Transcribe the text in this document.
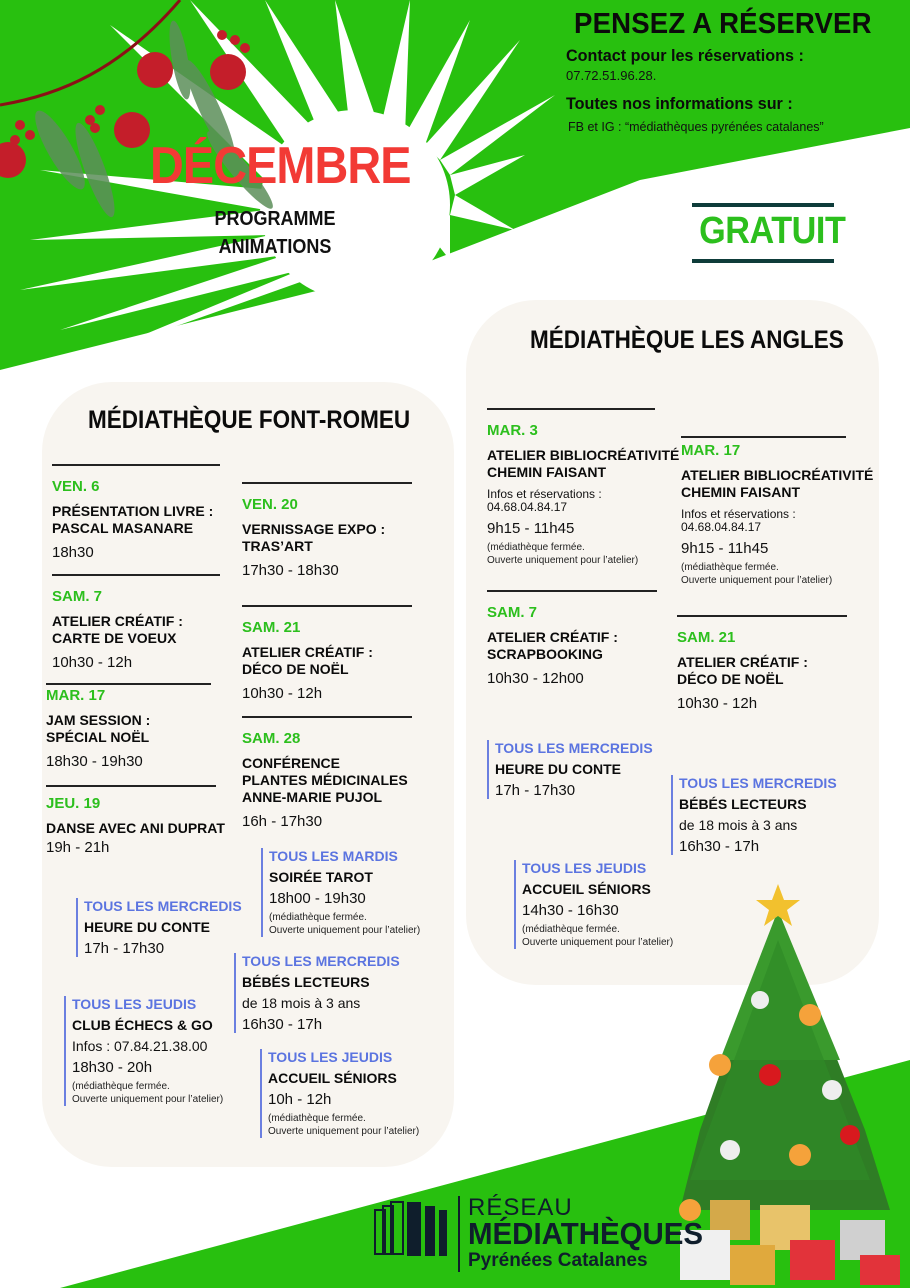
PENSEZ A RÉSERVER
Contact pour les réservations :
07.72.51.96.28.
Toutes nos informations sur :
FB et IG : “médiathèques pyrénées catalanes”
DÉCEMBRE
PROGRAMME
ANIMATIONS	GRATUIT
MÉDIATHÈQUE FONT-ROMEU
VEN. 6
PRÉSENTATION LIVRE :
PASCAL MASANARE
18h30
SAM. 7
ATELIER CRÉATIF :
CARTE DE VOEUX
10h30 - 12h
MAR. 17
JAM SESSION :
SPÉCIAL NOËL
18h30 - 19h30
JEU. 19
DANSE AVEC ANI DUPRAT
19h - 21h
VEN. 20
VERNISSAGE EXPO :
TRAS’ART
17h30 - 18h30
SAM. 21
ATELIER CRÉATIF :
DÉCO DE NOËL
10h30 - 12h
SAM. 28
CONFÉRENCE
PLANTES MÉDICINALES
ANNE-MARIE PUJOL
16h - 17h30
TOUS LES MARDIS
SOIRÉE TAROT
18h00 - 19h30
(médiathèque fermée.
Ouverte uniquement pour l’atelier)
TOUS LES MERCREDIS
HEURE DU CONTE
17h - 17h30
TOUS LES MERCREDIS
BÉBÉS LECTEURS
de 18 mois à 3 ans
16h30 - 17h
TOUS LES JEUDIS
CLUB ÉCHECS & GO
Infos : 07.84.21.38.00
18h30 - 20h
(médiathèque fermée.
Ouverte uniquement pour l’atelier)
TOUS LES JEUDIS
ACCUEIL SÉNIORS
10h - 12h
(médiathèque fermée.
Ouverte uniquement pour l’atelier)
MÉDIATHÈQUE LES ANGLES
MAR. 3
ATELIER BIBLIOCRÉATIVITÉ
CHEMIN FAISANT
Infos et réservations :
04.68.04.84.17
9h15 - 11h45
(médiathèque fermée.
Ouverte uniquement pour l’atelier)
MAR. 17
ATELIER BIBLIOCRÉATIVITÉ
CHEMIN FAISANT
Infos et réservations :
04.68.04.84.17
9h15 - 11h45
(médiathèque fermée.
Ouverte uniquement pour l’atelier)
SAM. 7
ATELIER CRÉATIF :
SCRAPBOOKING
10h30 - 12h00
SAM. 21
ATELIER CRÉATIF :
DÉCO DE NOËL
10h30 - 12h
TOUS LES MERCREDIS
HEURE DU CONTE
17h - 17h30	TOUS LES MERCREDIS
BÉBÉS LECTEURS
de 18 mois à 3 ans
16h30 - 17h
TOUS LES JEUDIS
ACCUEIL SÉNIORS
14h30 - 16h30
(médiathèque fermée.
Ouverte uniquement pour l’atelier)
RÉSEAU
MÉDIATHÈQUES
Pyrénées Catalanes
